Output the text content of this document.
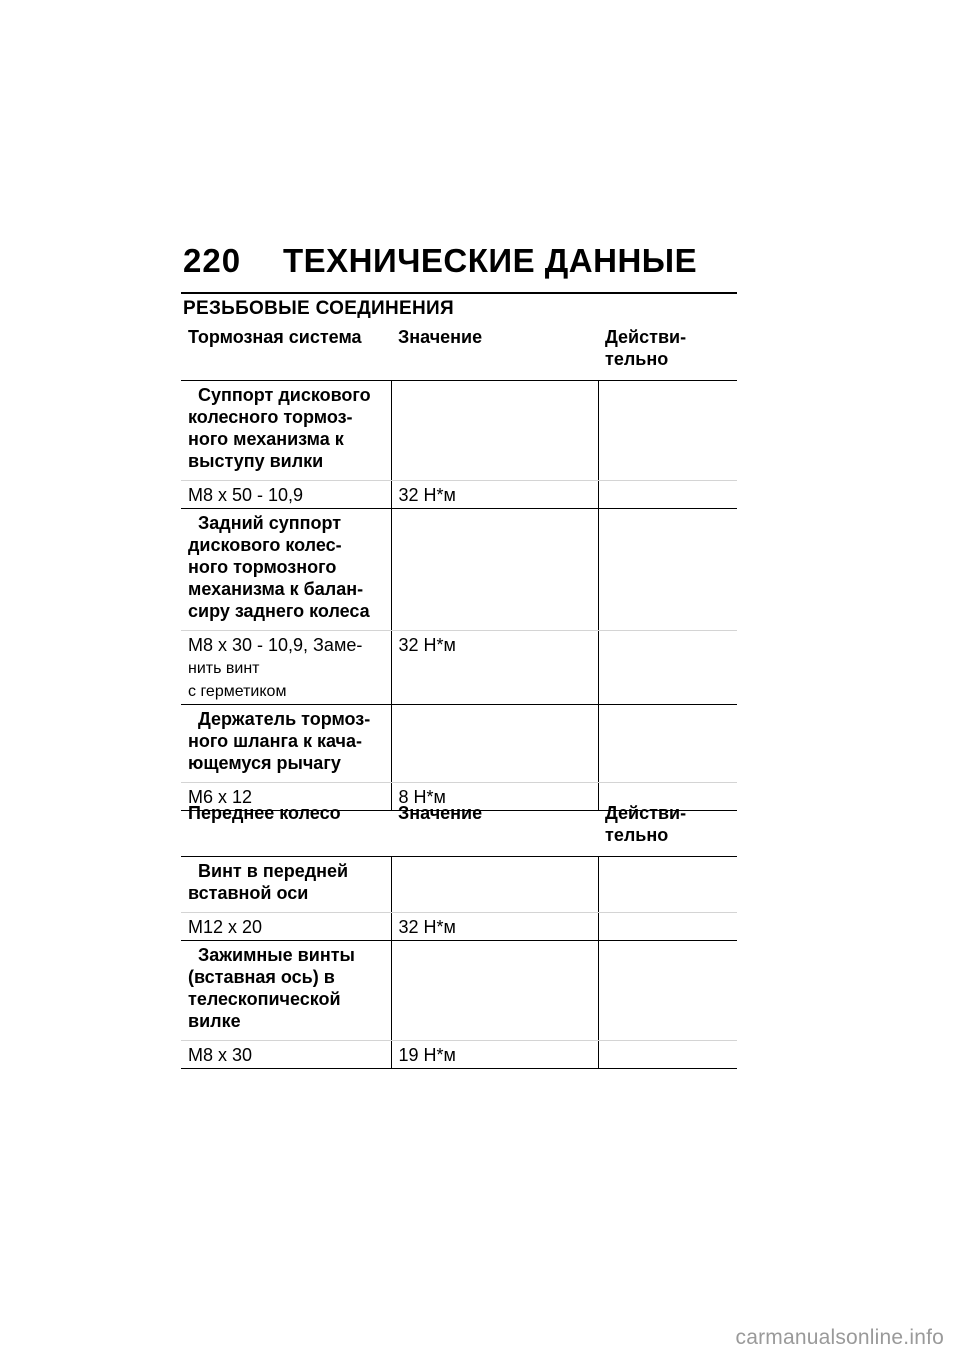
220	ТЕХНИЧЕСКИЕ ДАННЫЕ
РЕЗЬБОВЫЕ СОЕДИНЕНИЯ
Тормозная система	Значение	Действи-
тельно
Суппорт дискового
колесного тормоз-
ного механизма к
выступу вилки		
M8 x 50 - 10,9	32 Н*м	
Задний суппорт
дискового колес-
ного тормозного
механизма к балан-
сиру заднего колеса		
M8 x 30 - 10,9, Заме-
нить винт
с герметиком	32 Н*м	
Держатель тормоз-
ного шланга к кача-
ющемуся рычагу		
M6 x 12	8 Н*м	
Переднее колесо	Значение	Действи-
тельно
Винт в передней
вставной оси		
M12 x 20	32 Н*м	
Зажимные винты
(вставная ось) в
телескопической
вилке		
M8 x 30	19 Н*м	
carmanualsonline.info
